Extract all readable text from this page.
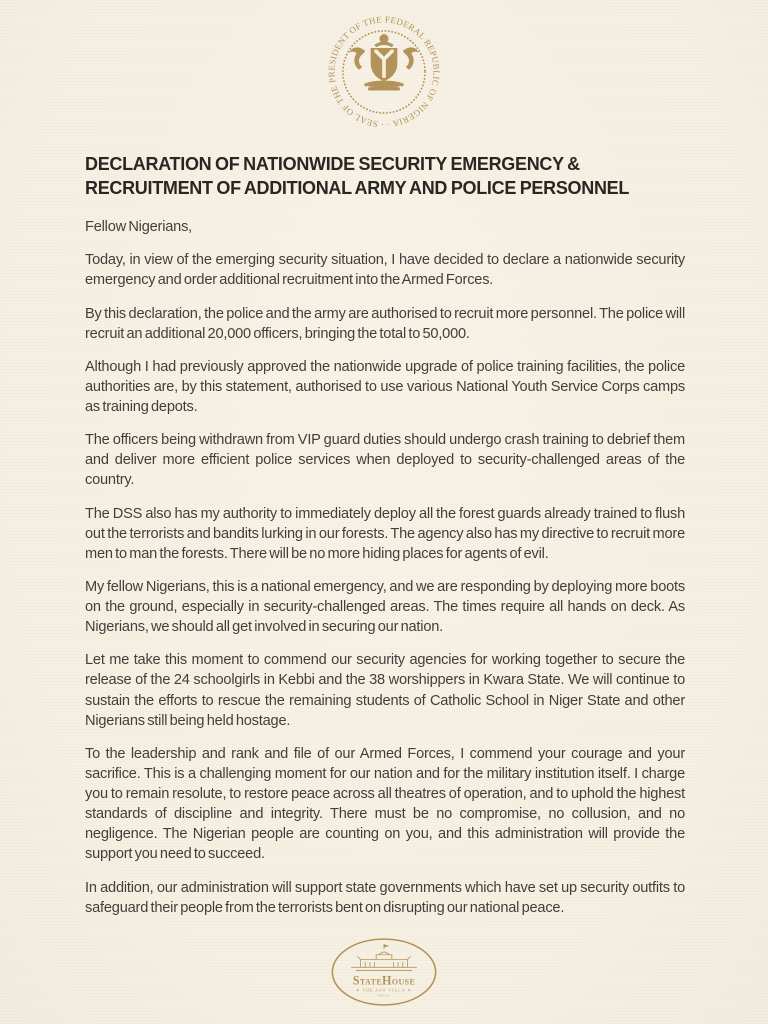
· SEAL OF THE PRESIDENT OF THE FEDERAL REPUBLIC OF NIGERIA ·
DECLARATION OF NATIONWIDE SECURITY EMERGENCY & RECRUITMENT OF ADDITIONAL ARMY AND POLICE PERSONNEL

Fellow Nigerians,

Today, in view of the emerging security situation, I have decided to declare a nationwide security emergency and order additional recruitment into the Armed Forces.

By this declaration, the police and the army are authorised to recruit more personnel. The police will recruit an additional 20,000 officers, bringing the total to 50,000.

Although I had previously approved the nationwide upgrade of police training facilities, the police authorities are, by this statement, authorised to use various National Youth Service Corps camps as training depots.

The officers being withdrawn from VIP guard duties should undergo crash training to debrief them and deliver more efficient police services when deployed to security-challenged areas of the country.

The DSS also has my authority to immediately deploy all the forest guards already trained to flush out the terrorists and bandits lurking in our forests. The agency also has my directive to recruit more men to man the forests. There will be no more hiding places for agents of evil.

My fellow Nigerians, this is a national emergency, and we are responding by deploying more boots on the ground, especially in security-challenged areas. The times require all hands on deck. As Nigerians, we should all get involved in securing our nation.

Let me take this moment to commend our security agencies for working together to secure the release of the 24 schoolgirls in Kebbi and the 38 worshippers in Kwara State. We will continue to sustain the efforts to rescue the remaining students of Catholic School in Niger State and other Nigerians still being held hostage.

To the leadership and rank and file of our Armed Forces, I commend your courage and your sacrifice. This is a challenging moment for our nation and for the military institution itself. I charge you to remain resolute, to restore peace across all theatres of operation, and to uphold the highest standards of discipline and integrity. There must be no compromise, no collusion, and no negligence. The Nigerian people are counting on you, and this administration will provide the support you need to succeed.

In addition, our administration will support state governments which have set up security outfits to safeguard their people from the terrorists bent on disrupting our national peace.

StateHouse
✦ THE ASO VILLA ✦
ABUJA
